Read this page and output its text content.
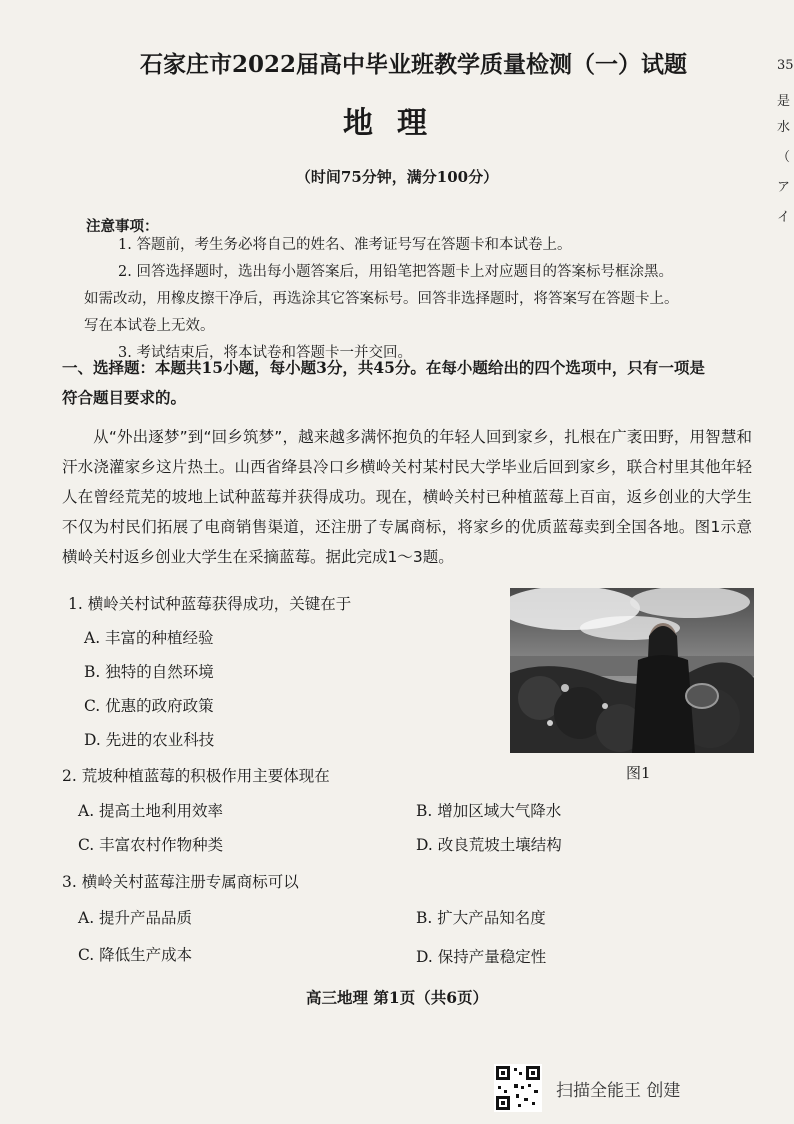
石家庄市2022届高中毕业班教学质量检测（一）试题
地理
（时间75分钟，满分100分）
注意事项：
1. 答题前，考生务必将自己的姓名、准考证号写在答题卡和本试卷上。
2. 回答选择题时，选出每小题答案后，用铅笔把答题卡上对应题目的答案标号框涂黑。
如需改动，用橡皮擦干净后，再选涂其它答案标号。回答非选择题时，将答案写在答题卡上。
写在本试卷上无效。
3. 考试结束后，将本试卷和答题卡一并交回。
一、选择题：本题共15小题，每小题3分，共45分。在每小题给出的四个选项中，只有一项是
符合题目要求的。
从“外出逐梦”到“回乡筑梦”，越来越多满怀抱负的年轻人回到家乡，扎根在广袤田野，用智慧和汗水浇灌家乡这片热土。山西省绛县冷口乡横岭关村某村民大学毕业后回到家乡，联合村里其他年轻人在曾经荒芜的坡地上试种蓝莓并获得成功。现在，横岭关村已种植蓝莓上百亩，返乡创业的大学生不仅为村民们拓展了电商销售渠道，还注册了专属商标，将家乡的优质蓝莓卖到全国各地。图1示意横岭关村返乡创业大学生在采摘蓝莓。据此完成1～3题。
1. 横岭关村试种蓝莓获得成功，关键在于
A. 丰富的种植经验
B. 独特的自然环境
C. 优惠的政府政策
D. 先进的农业科技
图1
2. 荒坡种植蓝莓的积极作用主要体现在
A. 提高土地利用效率	B. 增加区域大气降水
C. 丰富农村作物种类	D. 改良荒坡土壤结构
3. 横岭关村蓝莓注册专属商标可以
A. 提升产品品质	B. 扩大产品知名度
C. 降低生产成本	D. 保持产量稳定性
高三地理 第1页（共6页）
扫描全能王 创建
35
是
水
（
ア
イ
